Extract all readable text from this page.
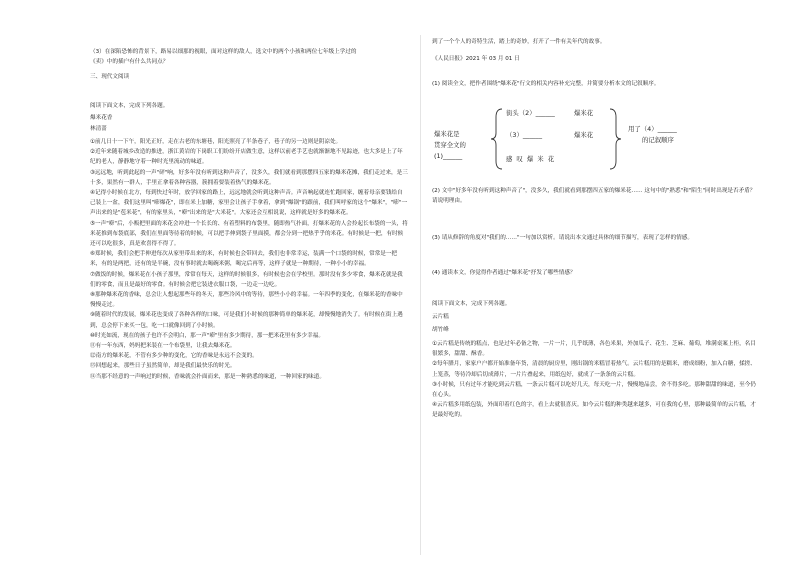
（3）在深陷恐怖的背景下，路易以细那的视眼，面对这样的敌人，选文中的两个小孩和两位七年级上学过的

《卖》中的插户有什么共同点？

三、现代文阅读

阅读下面文本，完成下列各题。

爆米花香

林清蔷

①前几日十一下午，阳光正好，走在古老的东塘巷，阳光照亮了半条巷子，巷子的另一边则是阴凉处。

②近年来随着城乡改造的推进，浙江黄岩的下岗职工们纷纷开店做生意，这样以前老手艺也就渐渐地不见踪迹，也大多是上了年纪的老人，静静地守着一种时光里流动的味道。

③远远地，听到此起的一声"砰"响，好多年没有听到这种声音了，没多久，我们就看到那摆四五家的爆米花摊，我们走过来，是三十多，果然有一群人，手里正拿着各种容器，簇拥着要装着热气的爆米花。

④记得小时候在北方，每到快过年时，放学回家的路上，远远地就会听到这种声音。声音响起就连忙跑回家，缠着母亲要钱给自己装上一盆，我们这里叫"嘭爆花"，即在米上加糖，家里会让孩子手拿着，拿到"爆锅"的跟前，我们叫呼家的这个"爆米"，"嘭"一声出来的是"苞米花"，有的家里头，"嘭"出来的是"大米花"。大家还会互相说说，这样就是好多的爆米花。

⑤一声"嘭"后，小贩把里面的米花会冲进一个长长的、有着塑料的布袋里，随即热气扑面，打爆米花的人会拎起长布袋的一头，将米花推到布袋底部，我们在里面等待着的时候，可以把手伸到袋子里面摸，都会分到一把热乎乎的米花。有时候是一把，有时候还可以吃很多，真是欢喜得不得了。

⑥郑时候，我们会把手伸进每次从家里带出来的米，有时候也会带回去，我们也非常幸运，装满一个口袋的时候，常常是一把米，有的是两把，还有的是半碗，没有事时就去喝碗米粥，喝完后再等，这样子就是一种期待，一种小小的幸福。

⑦做饭的时候，爆米花在小孩子那里，常常在每天，这样的时候很多，有时候也会在学校里。那时没有多少零食，爆米花就是我们的零食，而且是最好的零食。有时候会把它装进衣服口袋，一边走一边吃。

⑧那种爆米花的香味，总会让人想起那些年的冬天，那些冷风中的等待，那些小小的幸福。一年四季的变化，在爆米花的香味中慢慢走过。

⑨随着时代的发展，爆米花也变成了各种各样的口味，可是我们小时候的那种简单的爆米花，却慢慢地消失了。有时候在街上遇到，总会停下来买一包，吃一口就像回到了小时候。

⑩时光如流，现在的孩子也许不会明白，那一声"嘭"里有多少期待，那一把米花里有多少幸福。

⑪有一年东西，妈妈把米装在一个布袋里，让我去爆米花。

⑫南方的爆米花，不管有多少种的变化，它的香味是永远不会变的。

⑬回想起来，那些日子虽然简单，却是我们最快乐的时光。

⑭当那不经意的一声响过的时候，香味就会扑面而来，那是一种熟悉的味道，一种回家的味道。

到了一个个人的奇特生活，踏上的奇妙，打开了一件有关年代的故事。

《人民日报》2021 年 03 月 01 日

(1) 阅读全文，把作者围绕"爆米花"行文的相关内容补充完整，并简要分析本文的记叙顺序。

爆米花是
贯穿全文的
(1)______
街头（2）______	爆米花
（3）______	爆米花
感 叹 爆 米 花
用了（4）______
的记叙顺序

(2) 文中"好多年没有听到这种声音了"，没多久，我们就看到那摆四五家的爆米花…… 这句中的"熟悉"和"陌生"同时出现是否矛盾？请说明理由。

(3) 请从修辞的角度对"我们的……"一句加以赏析。请说出本文通过具体的细节描写，表现了怎样的情感。

(4) 通读本文，你觉得作者通过"爆米花"抒发了哪些情感？

阅读下面文本，完成下列各题。

云片糕

胡竹峰

①云片糕是传统的糕点，也是过年必备之物，一片一片，几乎纸薄，各色米果，外加瓜子、花生、芝麻、葡萄，堆满桌案上柜，名目很繁多，甜甜、酥香。

②每年腊月，家家户户都开始准备年货，清晨的厨房里，刚出锅的米糕冒着热气。云片糕用的是糯米，磨成细粉，加入白糖，揉搓、上笼蒸，等待冷却后切成薄片，一片片叠起来，用纸包好，就成了一条条的云片糕。

③小时候，只有过年才能吃到云片糕，一条云片糕可以吃好几天，每天吃一片，慢慢地品尝，舍不得多吃。那种甜甜的味道，至今仍在心头。

④云片糕多用纸包装，外面印着红色的字，看上去就很喜庆。如今云片糕的种类越来越多，可在我的心里，那种最简单的云片糕，才是最好吃的。
